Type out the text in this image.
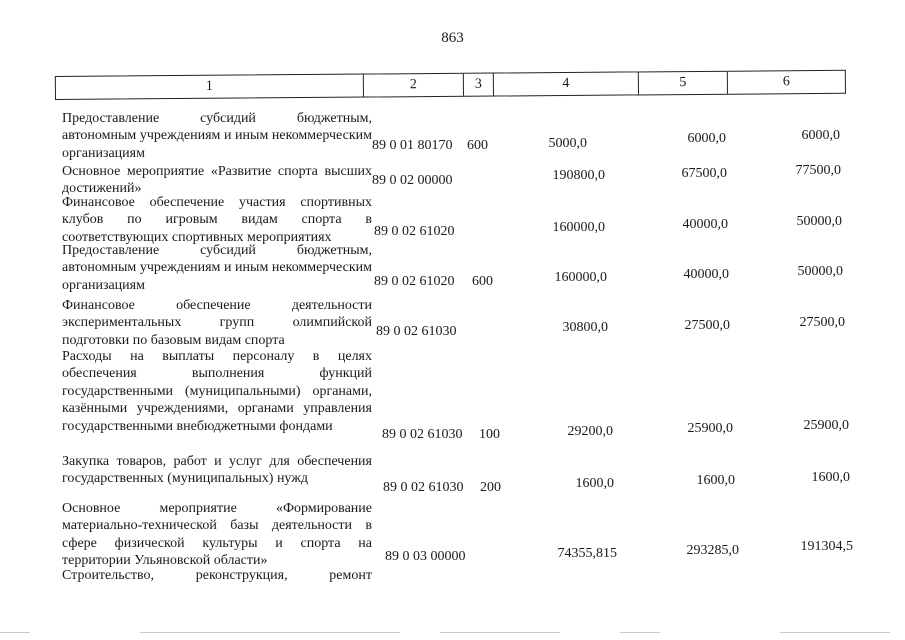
863
1	2	3	4	5	6
Предоставление субсидий бюджетным, автономным учреждениям и иным некоммерческим организациям
89 0 01 80170 600	5000,0	6000,0	6000,0
Основное мероприятие «Развитие спорта высших достижений»
89 0 02 00000	190800,0	67500,0	77500,0
Финансовое обеспечение участия спортивных клубов по игровым видам спорта в соответствующих спортивных мероприятиях	89 0 02 61020	160000,0	40000,0	50000,0
Предоставление субсидий бюджетным, автономным учреждениям и иным некоммерческим организациям	89 0 02 61020 600	160000,0	40000,0	50000,0
Финансовое обеспечение деятельности экспериментальных групп олимпийской подготовки по базовым видам спорта
89 0 02 61030	30800,0	27500,0	27500,0
Расходы на выплаты персоналу в целях обеспечения выполнения функций государственными (муниципальными) органами, казёнными учреждениями, органами управления государственными внебюджетными фондами
89 0 02 61030 100	29200,0	25900,0	25900,0
Закупка товаров, работ и услуг для обеспечения государственных (муниципальных) нужд
89 0 02 61030 200	1600,0	1600,0	1600,0
Основное мероприятие «Формирование материально-технической базы деятельности в сфере физической культуры и спорта на территории Ульяновской области»	89 0 03 00000	74355,815	293285,0	191304,5
Строительство, реконструкция, ремонт
